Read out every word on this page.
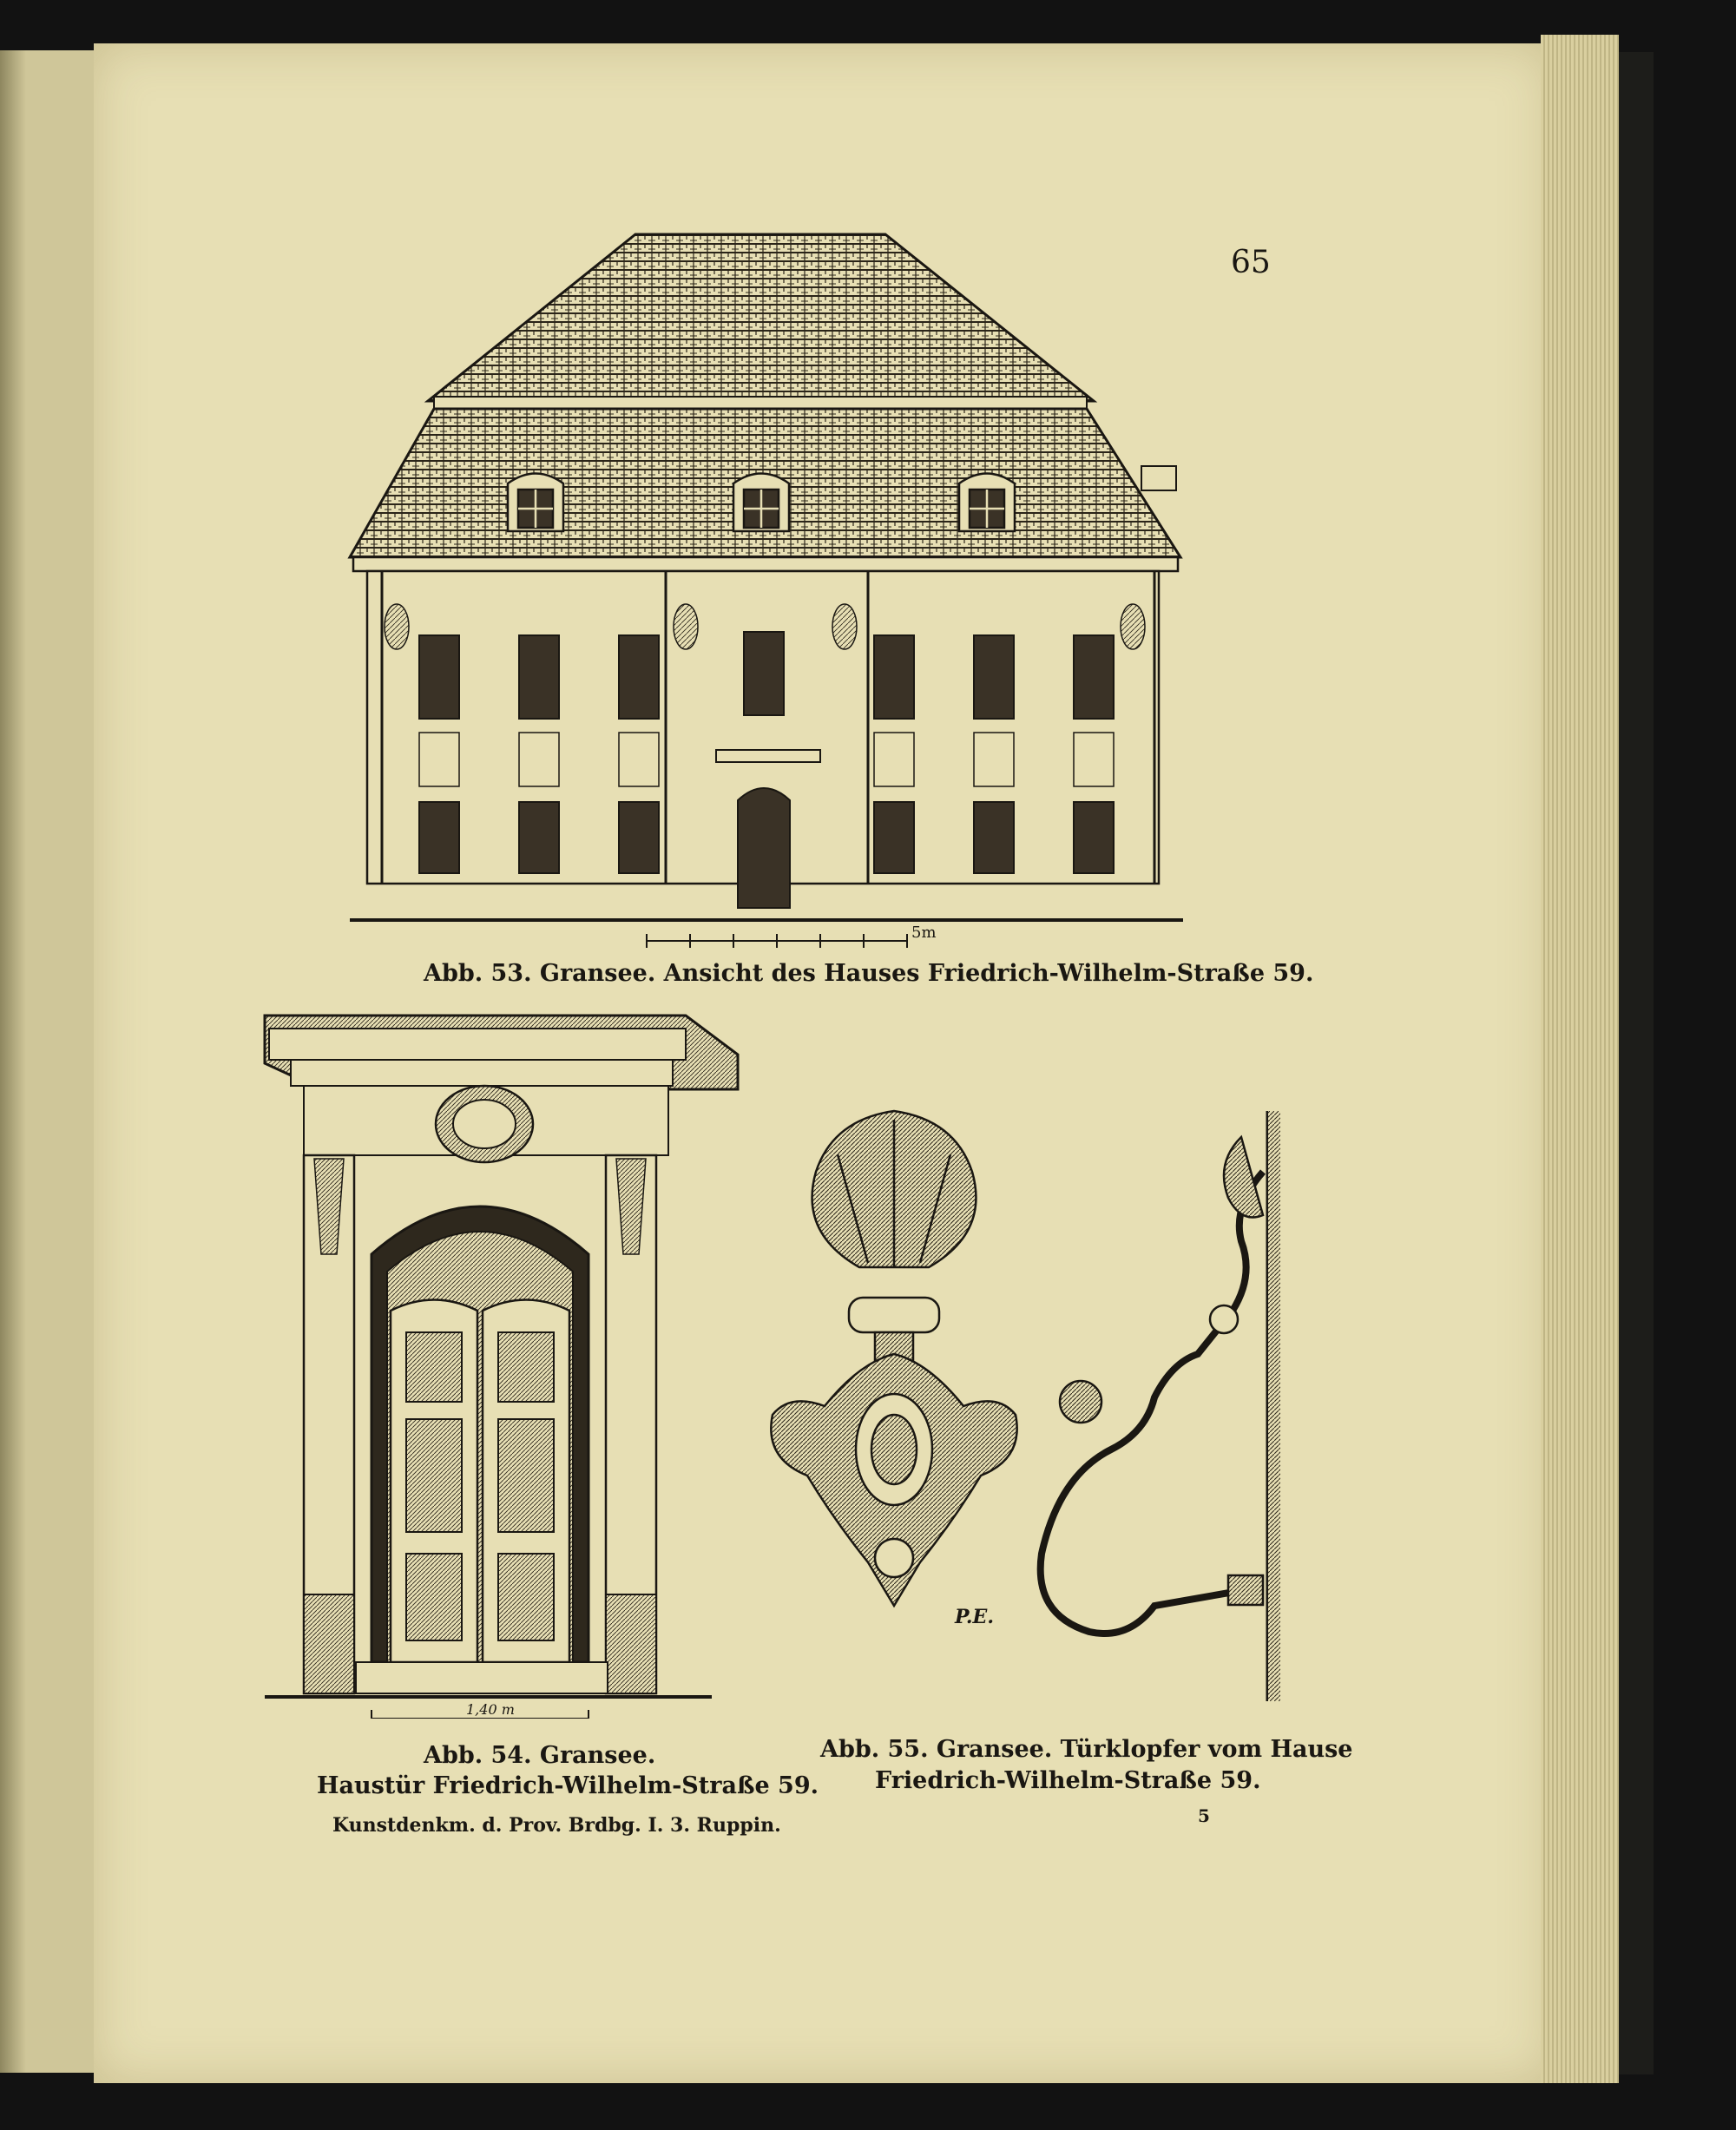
65
5m
Abb. 53. Gransee. Ansicht des Hauses Friedrich-Wilhelm-Straße 59.
1,40 m
Abb. 54. Gransee.
Haustür Friedrich-Wilhelm-Straße 59.
Kunstdenkm. d. Prov. Brdbg. I. 3. Ruppin.
P.E.
Abb. 55. Gransee. Türklopfer vom Hause
Friedrich-Wilhelm-Straße 59.
5
